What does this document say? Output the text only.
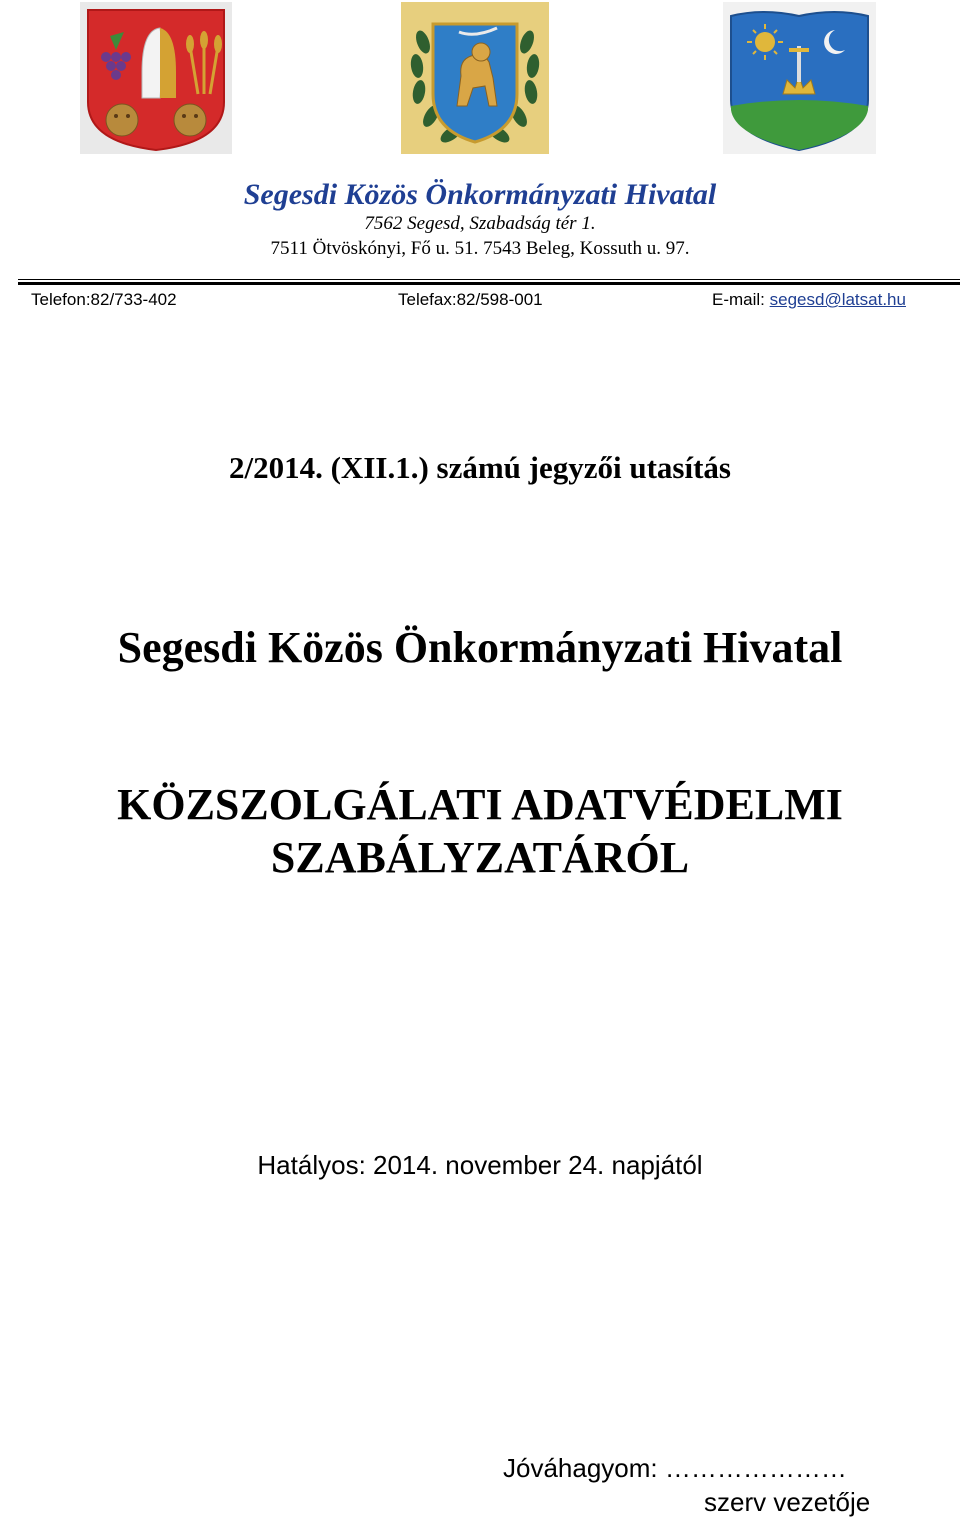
Segesdi Közös Önkormányzati Hivatal
7562 Segesd, Szabadság tér 1.
7511 Ötvöskónyi, Fő u. 51. 7543 Beleg, Kossuth u. 97.
Telefon:82/733-402	Telefax:82/598-001	E-mail: segesd@latsat.hu
2/2014. (XII.1.) számú jegyzői utasítás
Segesdi Közös Önkormányzati Hivatal
KÖZSZOLGÁLATI ADATVÉDELMI
SZABÁLYZATÁRÓL
Hatályos: 2014. november 24. napjától
Jóváhagyom: …………………
szerv vezetője
